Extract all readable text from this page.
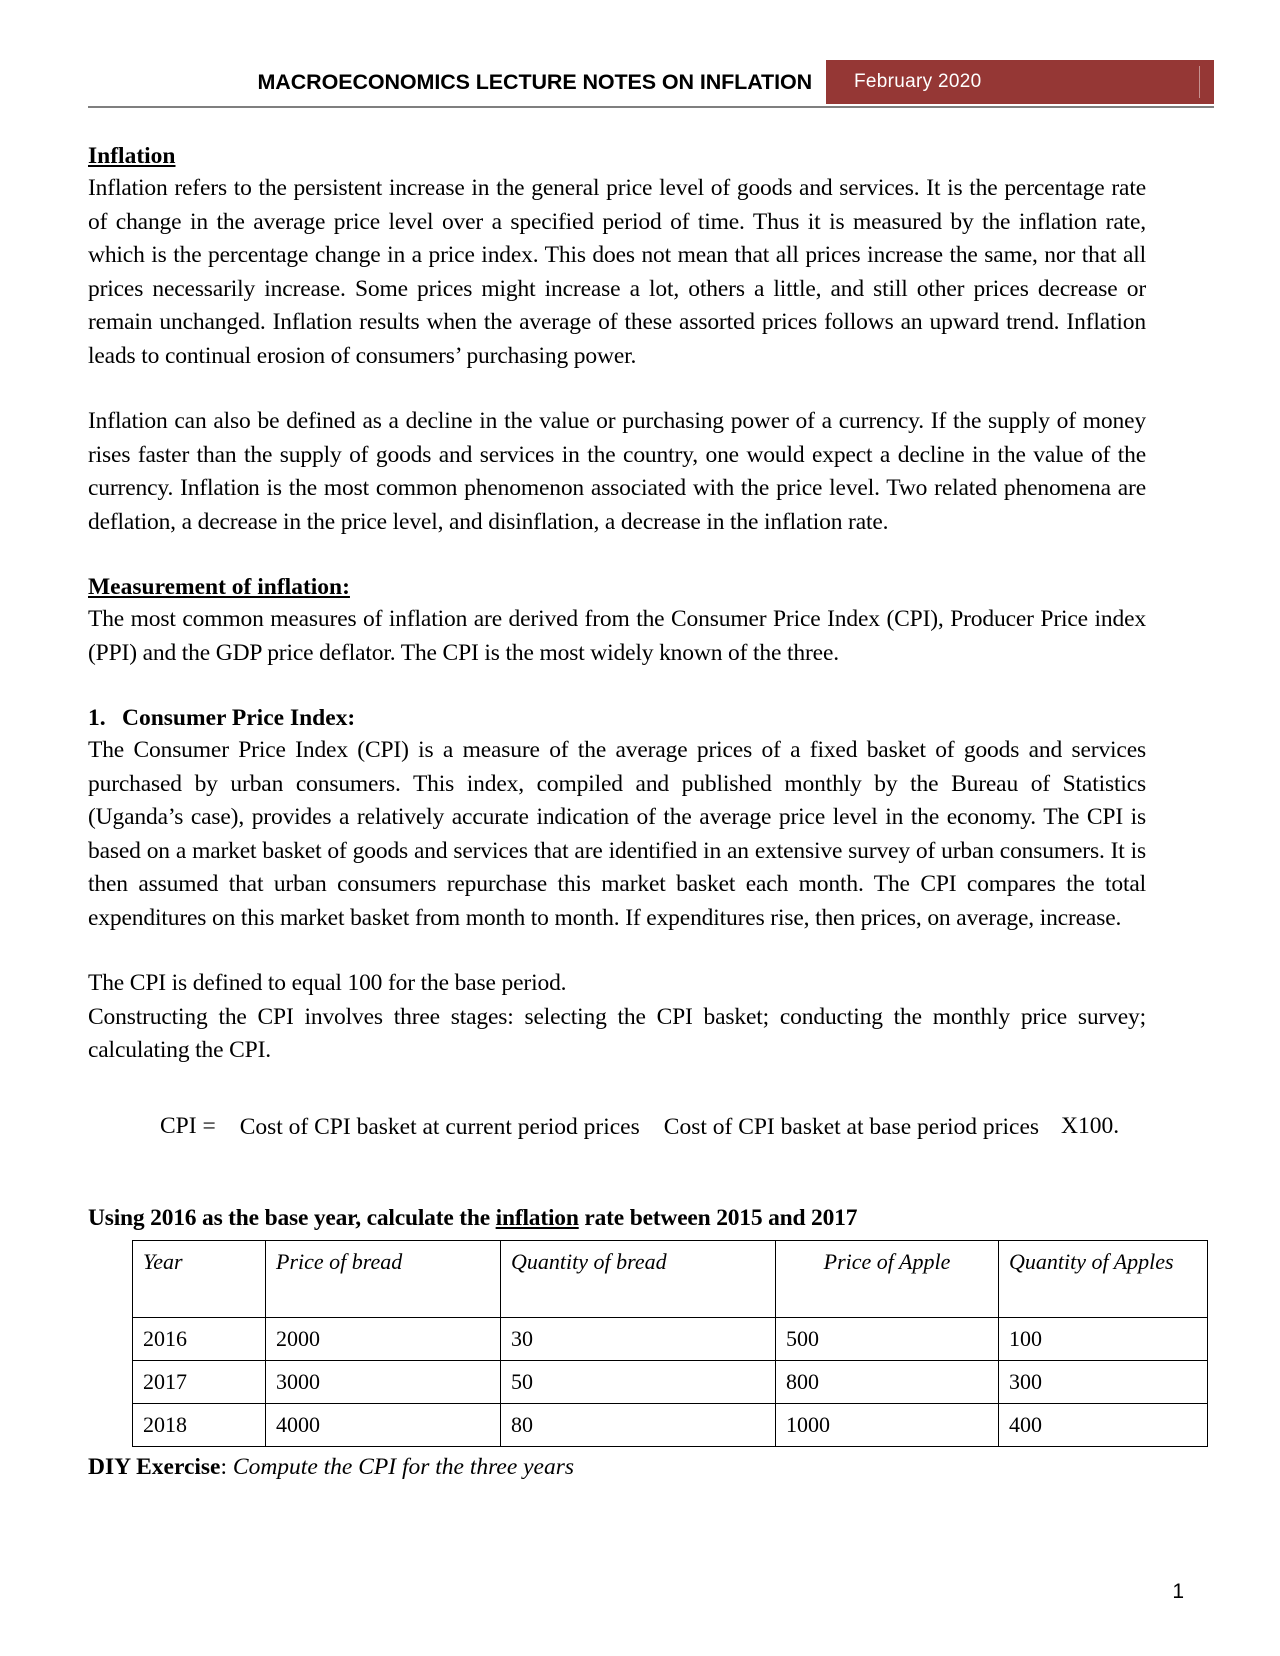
MACROECONOMICS LECTURE NOTES ON INFLATION	February 2020
Inflation

Inflation refers to the persistent increase in the general price level of goods and services. It is the percentage rate of change in the average price level over a specified period of time. Thus it is measured by the inflation rate, which is the percentage change in a price index. This does not mean that all prices increase the same, nor that all prices necessarily increase. Some prices might increase a lot, others a little, and still other prices decrease or remain unchanged. Inflation results when the average of these assorted prices follows an upward trend. Inflation leads to continual erosion of consumers’ purchasing power.

Inflation can also be defined as a decline in the value or purchasing power of a currency. If the supply of money rises faster than the supply of goods and services in the country, one would expect a decline in the value of the currency. Inflation is the most common phenomenon associated with the price level. Two related phenomena are deflation, a decrease in the price level, and disinflation, a decrease in the inflation rate.

Measurement of inflation:

The most common measures of inflation are derived from the Consumer Price Index (CPI), Producer Price index (PPI) and the GDP price deflator. The CPI is the most widely known of the three.

1. Consumer Price Index:

The Consumer Price Index (CPI) is a measure of the average prices of a fixed basket of goods and services purchased by urban consumers. This index, compiled and published monthly by the Bureau of Statistics (Uganda’s case), provides a relatively accurate indication of the average price level in the economy. The CPI is based on a market basket of goods and services that are identified in an extensive survey of urban consumers. It is then assumed that urban consumers repurchase this market basket each month. The CPI compares the total expenditures on this market basket from month to month. If expenditures rise, then prices, on average, increase.

The CPI is defined to equal 100 for the base period.
Constructing the CPI involves three stages: selecting the CPI basket; conducting the monthly price survey; calculating the CPI.
CPI =	Cost of CPI basket at current period prices Cost of CPI basket at base period prices X100.
Using 2016 as the base year, calculate the inflation rate between 2015 and 2017
Year	Price of bread	Quantity of bread	Price of Apple	Quantity of Apples
2016	2000	30	500	100
2017	3000	50	800	300
2018	4000	80	1000	400
DIY Exercise: Compute the CPI for the three years
1
